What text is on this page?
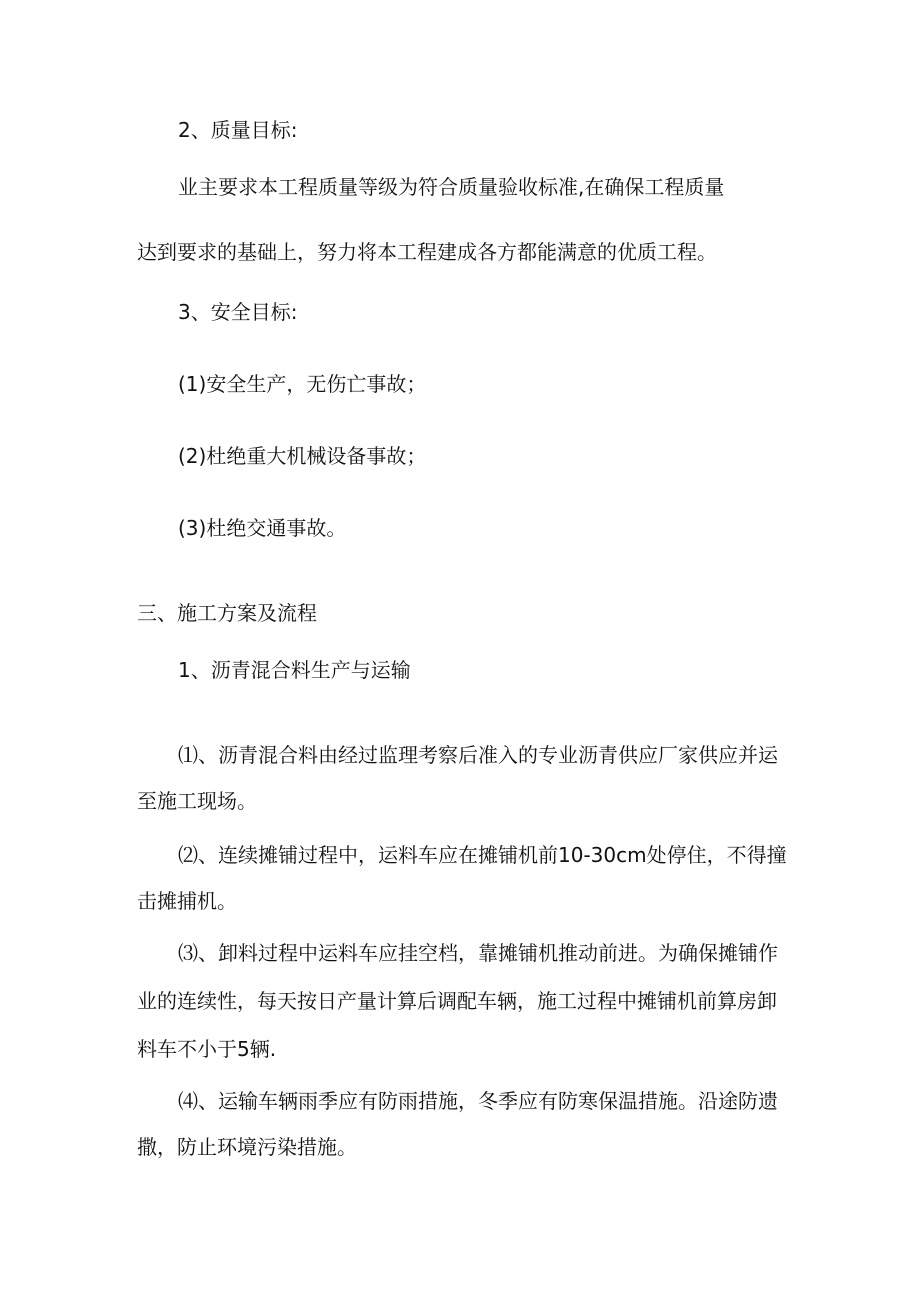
2、质量目标:
业主要求本工程质量等级为符合质量验收标准,在确保工程质量
达到要求的基础上，努力将本工程建成各方都能满意的优质工程。
3、安全目标:
(1)安全生产，无伤亡事故；
(2)杜绝重大机械设备事故；
(3)杜绝交通事故。
三、施工方案及流程
1、沥青混合料生产与运输
⑴、沥青混合料由经过监理考察后准入的专业沥青供应厂家供应并运
至施工现场。
⑵、连续摊铺过程中，运料车应在摊铺机前10-30cm处停住，不得撞
击摊捕机。
⑶、卸料过程中运料车应挂空档，靠摊铺机推动前进。为确保摊铺作
业的连续性，每天按日产量计算后调配车辆，施工过程中摊铺机前算房卸
料车不小于5辆.
⑷、运输车辆雨季应有防雨措施，冬季应有防寒保温措施。沿途防遗
撒，防止环境污染措施。
